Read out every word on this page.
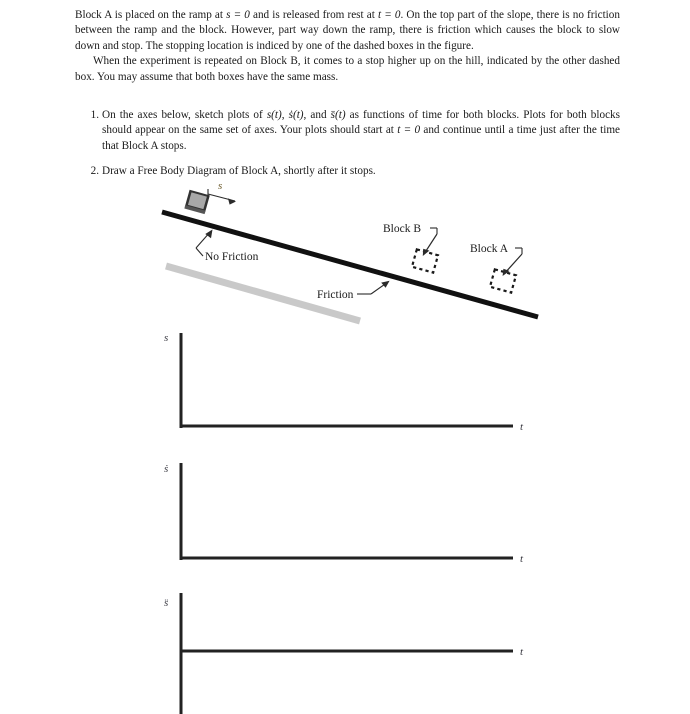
Block A is placed on the ramp at s = 0 and is released from rest at t = 0. On the top part of the slope, there is no friction between the ramp and the block. However, part way down the ramp, there is friction which causes the block to slow down and stop. The stopping location is indiced by one of the dashed boxes in the figure.

When the experiment is repeated on Block B, it comes to a stop higher up on the hill, indicated by the other dashed box. You may assume that both boxes have the same mass.

1. On the axes below, sketch plots of s(t), ṡ(t), and s̈(t) as functions of time for both blocks. Plots for both blocks should appear on the same set of axes. Your plots should start at t = 0 and continue until a time just after the time that Block A stops.
2. Draw a Free Body Diagram of Block A, shortly after it stops.
s
No Friction
Friction
Block B
Block A
s
t
ṡ
t
s̈
t
